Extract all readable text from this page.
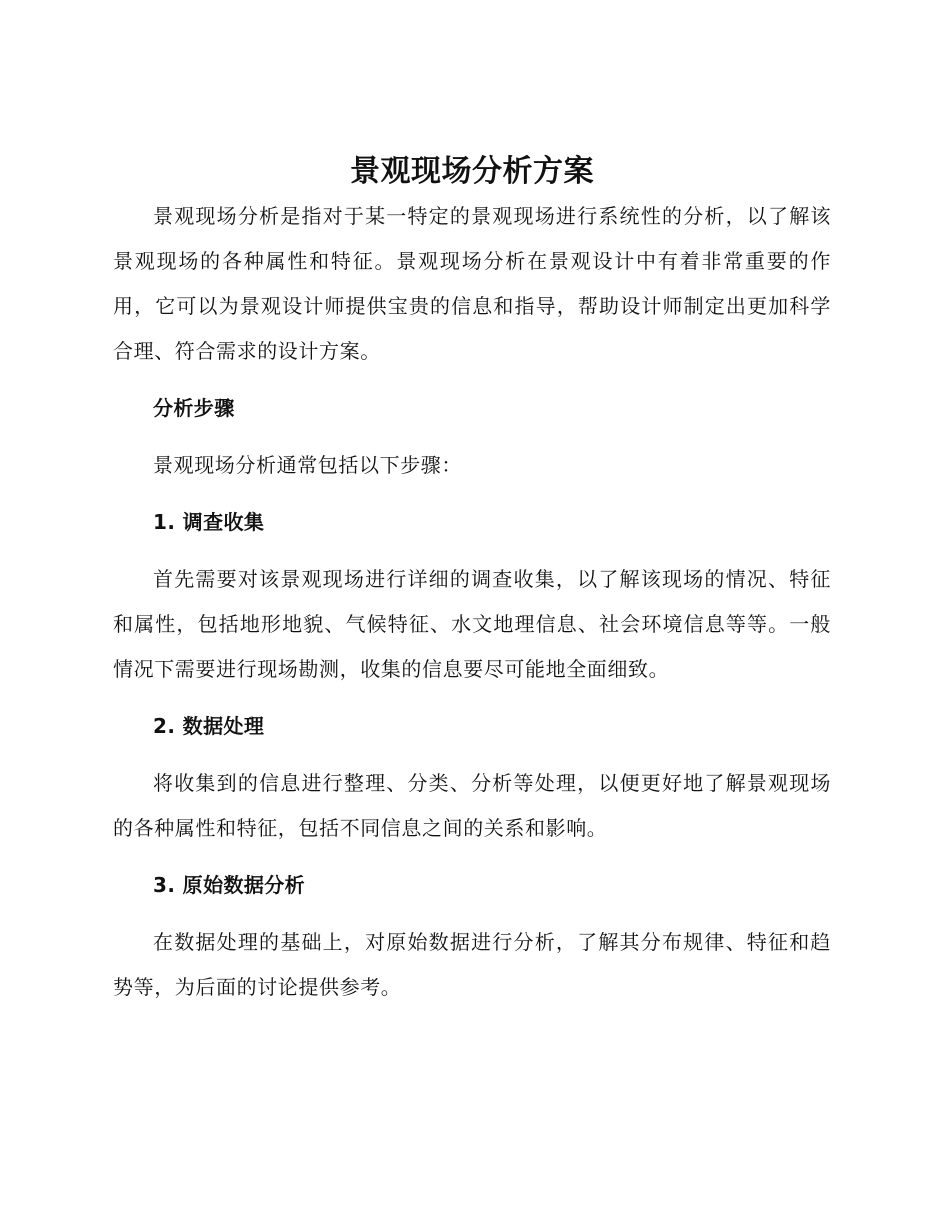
景观现场分析方案

景观现场分析是指对于某一特定的景观现场进行系统性的分析，以了解该景观现场的各种属性和特征。景观现场分析在景观设计中有着非常重要的作用，它可以为景观设计师提供宝贵的信息和指导，帮助设计师制定出更加科学合理、符合需求的设计方案。

分析步骤

景观现场分析通常包括以下步骤：

1. 调查收集

首先需要对该景观现场进行详细的调查收集，以了解该现场的情况、特征和属性，包括地形地貌、气候特征、水文地理信息、社会环境信息等等。一般情况下需要进行现场勘测，收集的信息要尽可能地全面细致。

2. 数据处理

将收集到的信息进行整理、分类、分析等处理，以便更好地了解景观现场的各种属性和特征，包括不同信息之间的关系和影响。

3. 原始数据分析

在数据处理的基础上，对原始数据进行分析，了解其分布规律、特征和趋势等，为后面的讨论提供参考。
